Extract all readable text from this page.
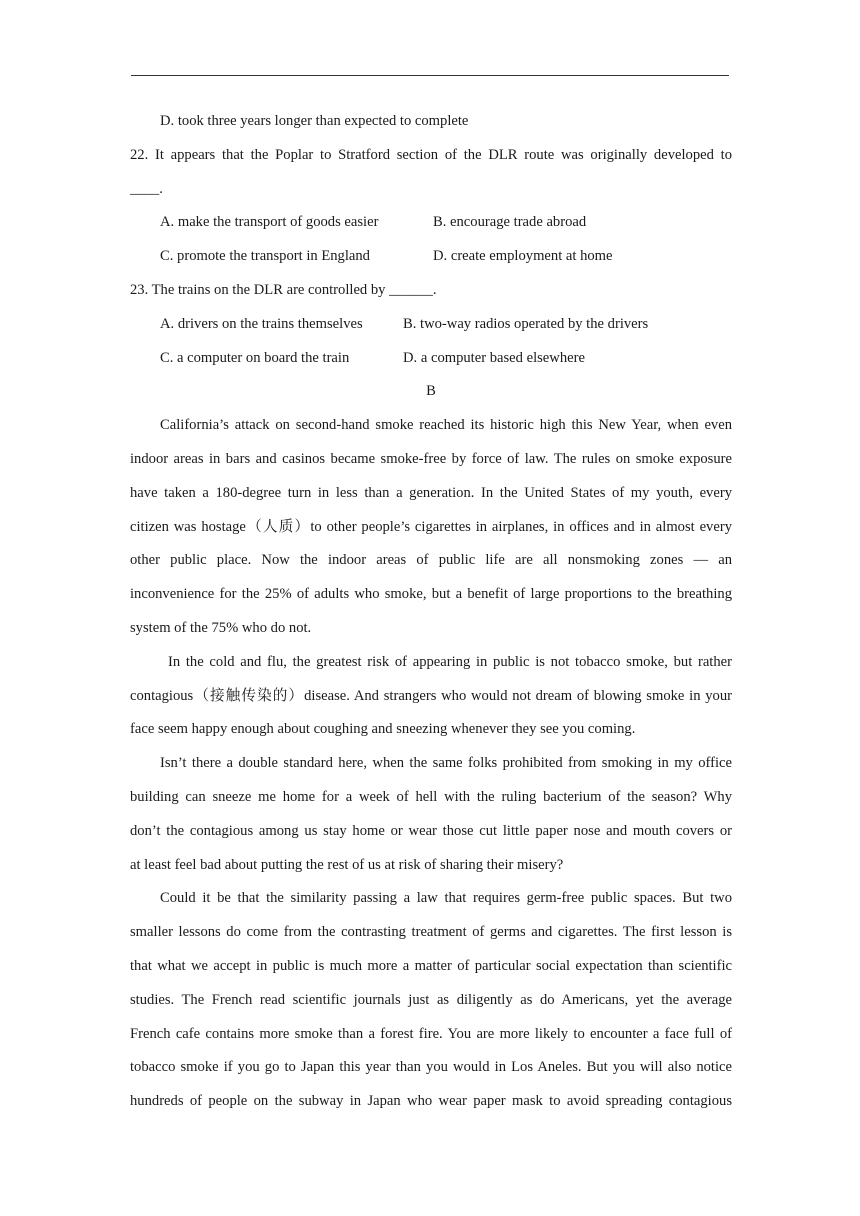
D. took three years longer than expected to complete
22. It appears that the Poplar to Stratford section of the DLR route was originally developed to
____.
A. make the transport of goods easier	B. encourage trade abroad
C. promote the transport in England	D. create employment at home
23. The trains on the DLR are controlled by ______.
A. drivers on the trains themselves	B. two-way radios operated by the drivers
C. a computer on board the train	D. a computer based elsewhere
B
California’s attack on second-hand smoke reached its historic high this New Year, when even
indoor areas in bars and casinos became smoke-free by force of law. The rules on smoke exposure
have taken a 180-degree turn in less than a generation. In the United States of my youth, every
citizen was hostage（人质）to other people’s cigarettes in airplanes, in offices and in almost every
other public place. Now the indoor areas of public life are all nonsmoking zones — an
inconvenience for the 25% of adults who smoke, but a benefit of large proportions to the breathing
system of the 75% who do not.
In the cold and flu, the greatest risk of appearing in public is not tobacco smoke, but rather
contagious（接触传染的）disease. And strangers who would not dream of blowing smoke in your
face seem happy enough about coughing and sneezing whenever they see you coming.
Isn’t there a double standard here, when the same folks prohibited from smoking in my office
building can sneeze me home for a week of hell with the ruling bacterium of the season? Why
don’t the contagious among us stay home or wear those cut little paper nose and mouth covers or
at least feel bad about putting the rest of us at risk of sharing their misery?
Could it be that the similarity passing a law that requires germ-free public spaces. But two
smaller lessons do come from the contrasting treatment of germs and cigarettes. The first lesson is
that what we accept in public is much more a matter of particular social expectation than scientific
studies. The French read scientific journals just as diligently as do Americans, yet the average
French cafe contains more smoke than a forest fire. You are more likely to encounter a face full of
tobacco smoke if you go to Japan this year than you would in Los Aneles. But you will also notice
hundreds of people on the subway in Japan who wear paper mask to avoid spreading contagious
